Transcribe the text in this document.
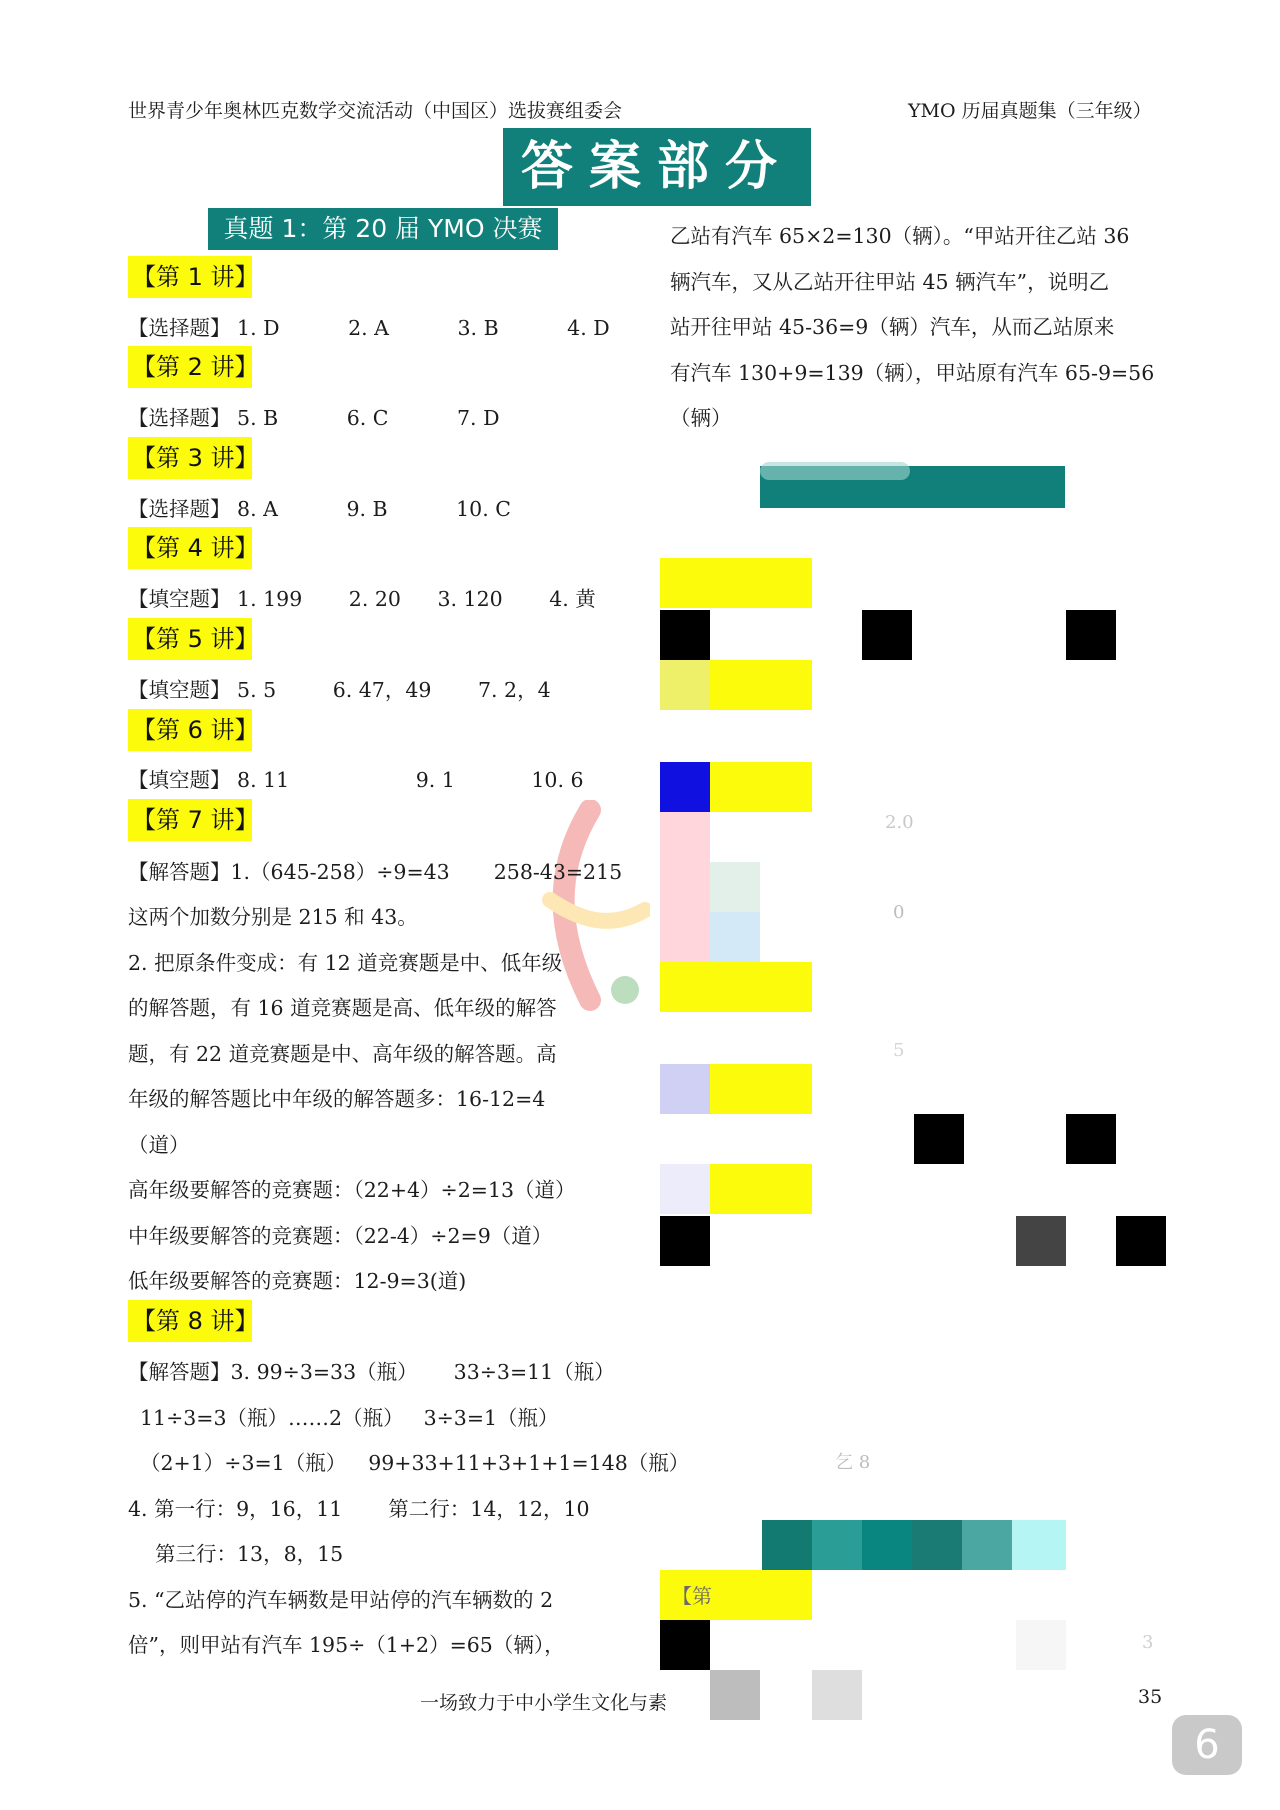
世界青少年奥林匹克数学交流活动（中国区）选拔赛组委会	YMO 历届真题集（三年级）
答案部分
真题 1：第 20 届 YMO 决赛
【第 1 讲】
【选择题】 1. D	2. A	3. B	4. D
【第 2 讲】
【选择题】 5. B	6. C	7. D
【第 3 讲】
【选择题】 8. A	9. B	10. C
【第 4 讲】
【填空题】 1. 199 2. 20 3. 120 4. 黄
【第 5 讲】
【填空题】 5. 5	6. 47，49 7. 2，4
【第 6 讲】
【填空题】 8. 11	9. 1	10. 6
【第 7 讲】
【解答题】1.（645-258）÷9=43 258-43=215
这两个加数分别是 215 和 43。
2. 把原条件变成：有 12 道竞赛题是中、低年级
的解答题，有 16 道竞赛题是高、低年级的解答
题，有 22 道竞赛题是中、高年级的解答题。高
年级的解答题比中年级的解答题多：16-12=4
（道）
高年级要解答的竞赛题：（22+4）÷2=13（道）
中年级要解答的竞赛题：（22-4）÷2=9（道）
低年级要解答的竞赛题：12-9=3(道)
【第 8 讲】
【解答题】3. 99÷3=33（瓶） 33÷3=11（瓶）
11÷3=3（瓶）……2（瓶） 3÷3=1（瓶）
（2+1）÷3=1（瓶） 99+33+11+3+1+1=148（瓶）
4. 第一行：9，16，11 第二行：14，12，10
第三行：13，8，15
5. “乙站停的汽车辆数是甲站停的汽车辆数的 2
倍”，则甲站有汽车 195÷（1+2）=65（辆），
乙站有汽车 65×2=130（辆）。“甲站开往乙站 36
辆汽车，又从乙站开往甲站 45 辆汽车”，说明乙
站开往甲站 45-36=9（辆）汽车，从而乙站原来
有汽车 130+9=139（辆），甲站原有汽车 65-9=56
（辆）
2.0
0
5
乞 8
【第
3
一场致力于中小学生文化与素	35
6
